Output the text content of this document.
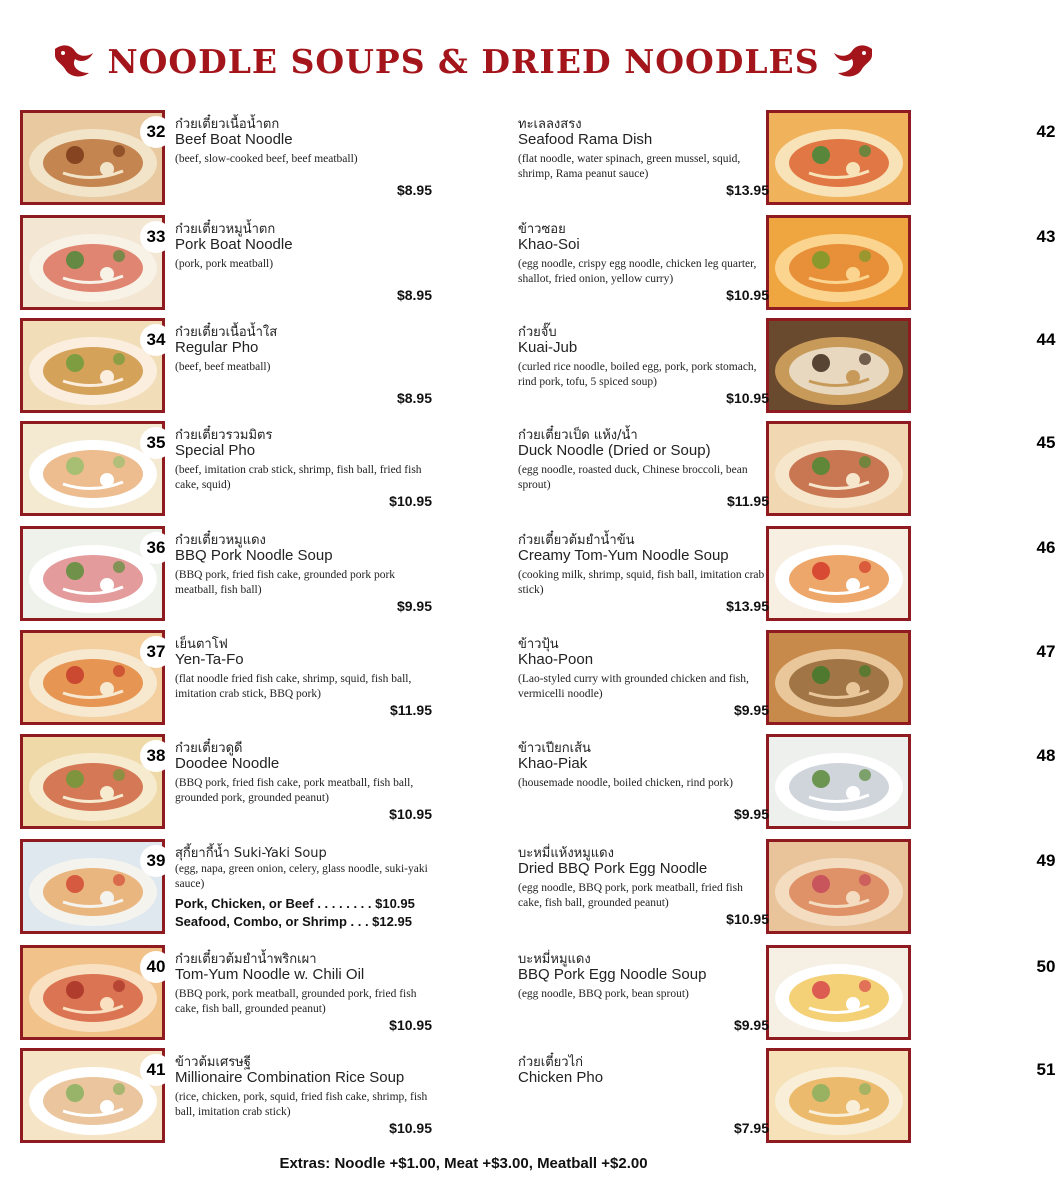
NOODLE SOUPS & DRIED NOODLES
32 ก๋วยเตี๋ยวเนื้อน้ำตก
Beef Boat Noodle
(beef, slow-cooked beef, beef meatball)
$8.95
33 ก๋วยเตี๋ยวหมูน้ำตก
Pork Boat Noodle
(pork, pork meatball)
$8.95
34 ก๋วยเตี๋ยวเนื้อน้ำใส
Regular Pho
(beef, beef meatball)
$8.95
35 ก๋วยเตี๋ยวรวมมิตร
Special Pho
(beef, imitation crab stick, shrimp, fish ball, fried fish cake, squid)
$10.95
36 ก๋วยเตี๋ยวหมูแดง
BBQ Pork Noodle Soup
(BBQ pork, fried fish cake, grounded pork pork meatball, fish ball)
$9.95
37 เย็นตาโฟ
Yen-Ta-Fo
(flat noodle fried fish cake, shrimp, squid, fish ball, imitation crab stick, BBQ pork)
$11.95
38 ก๋วยเตี๋ยวดูดี
Doodee Noodle
(BBQ pork, fried fish cake, pork meatball, fish ball, grounded pork, grounded peanut)
$10.95
39 สุกี้ยากี้น้ำ Suki-Yaki Soup
(egg, napa, green onion, celery, glass noodle, suki-yaki sauce)
Pork, Chicken, or Beef . . . . . . . . $10.95
Seafood, Combo, or Shrimp . . . $12.95
40 ก๋วยเตี๋ยวต้มยำน้ำพริกเผา
Tom-Yum Noodle w. Chili Oil
(BBQ pork, pork meatball, grounded pork, fried fish cake, fish ball, grounded peanut)
$10.95
41 ข้าวต้มเศรษฐี
Millionaire Combination Rice Soup
(rice, chicken, pork, squid, fried fish cake, shrimp, fish ball, imitation crab stick)
$10.95
42
ทะเลลงสรง
Seafood Rama Dish
(flat noodle, water spinach, green mussel, squid, shrimp, Rama peanut sauce)
$13.95
43
ข้าวซอย
Khao-Soi
(egg noodle, crispy egg noodle, chicken leg quarter, shallot, fried onion, yellow curry)
$10.95
44
ก๋วยจั๊บ
Kuai-Jub
(curled rice noodle, boiled egg, pork, pork stomach, rind pork, tofu, 5 spiced soup)
$10.95
45
ก๋วยเตี๋ยวเป็ด แห้ง/น้ำ
Duck Noodle (Dried or Soup)
(egg noodle, roasted duck, Chinese broccoli, bean sprout)
$11.95
46
ก๋วยเตี๋ยวต้มยำน้ำข้น
Creamy Tom-Yum Noodle Soup
(cooking milk, shrimp, squid, fish ball, imitation crab stick)
$13.95
47
ข้าวปุ้น
Khao-Poon
(Lao-styled curry with grounded chicken and fish, vermicelli noodle)
$9.95
48
ข้าวเปียกเส้น
Khao-Piak
(housemade noodle, boiled chicken, rind pork)
$9.95
49
บะหมี่แห้งหมูแดง
Dried BBQ Pork Egg Noodle
(egg noodle, BBQ pork, pork meatball, fried fish cake, fish ball, grounded peanut)
$10.95
50
บะหมี่หมูแดง
BBQ Pork Egg Noodle Soup
(egg noodle, BBQ pork, bean sprout)
$9.95
51
ก๋วยเตี๋ยวไก่
Chicken Pho
$7.95
Extras: Noodle +$1.00, Meat +$3.00, Meatball +$2.00
